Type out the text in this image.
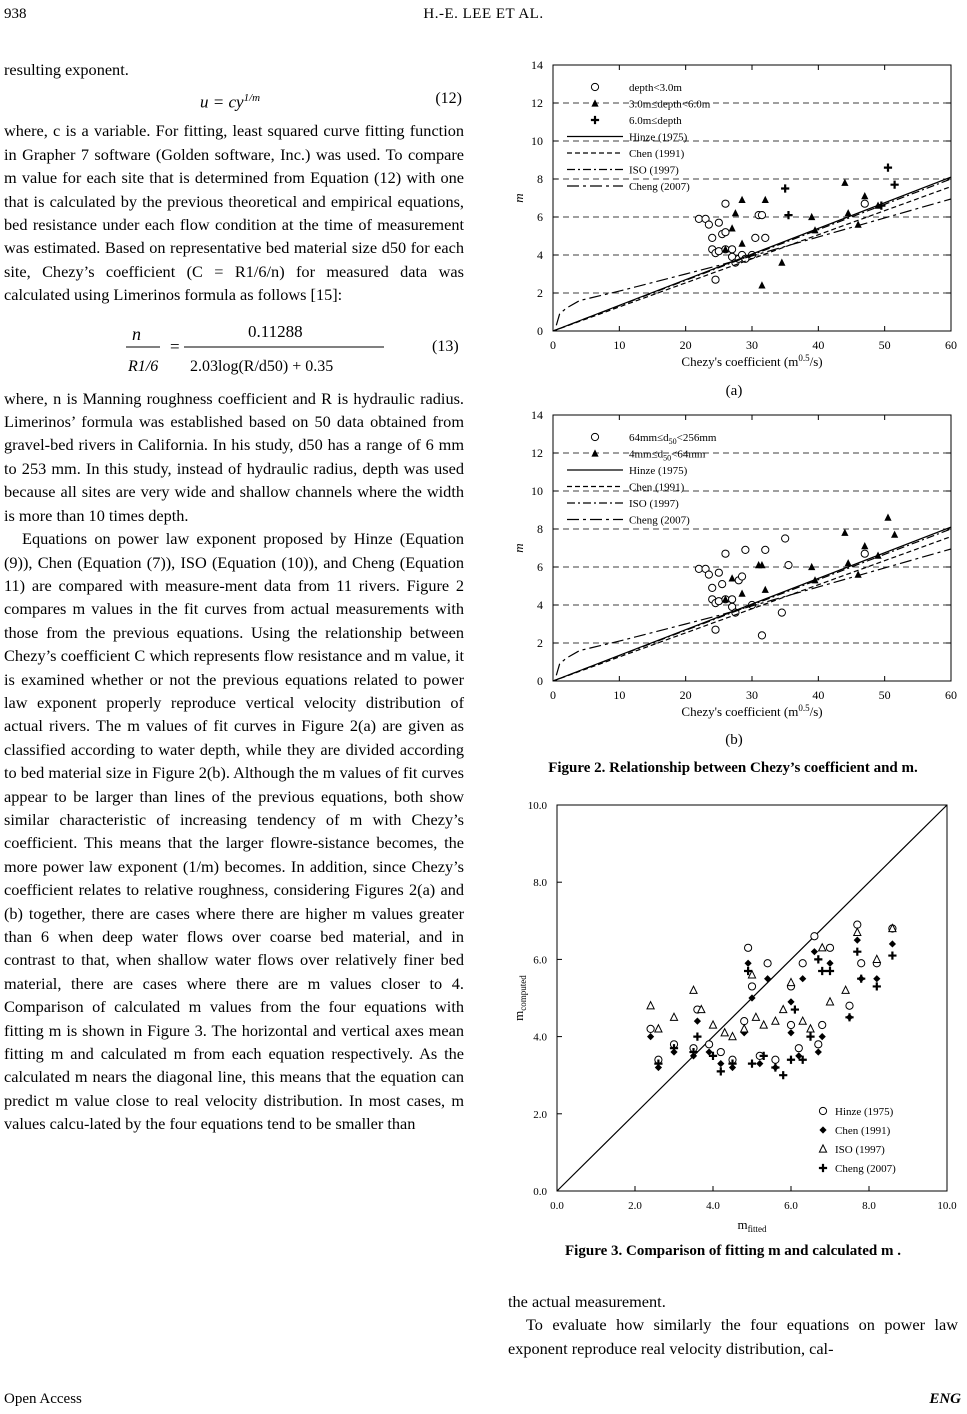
938	H.-E. LEE ET AL.

resulting exponent.

$u = cy^{1/m}$	(12)

where, c is a variable. For fitting, least squared curve fitting function in Grapher 7 software (Golden software, Inc.) was used. To compare m value for each site that is determined from Equation (12) with one that is calculated by the previous theoretical and empirical equations, bed resistance under each flow condition at the time of measurement was estimated. Based on representative bed material size d50 for each site, Chezy’s coefficient (C = R1/6/n) for measured data was calculated using Limerinos formula as follows [15]:

n
R1/6
=
0.11288
2.03log(R/d50) + 0.35
(13)

where, n is Manning roughness coefficient and R is hydraulic radius. Limerinos’ formula was established based on 50 data obtained from gravel-bed rivers in California. In his study, d50 has a range of 6 mm to 253 mm. In this study, instead of hydraulic radius, depth was used because all sites are very wide and shallow channels where the width is more than 10 times depth.

Equations on power law exponent proposed by Hinze (Equation (9)), Chen (Equation (7)), ISO (Equation (10)), and Cheng (Equation 11) are compared with measure-ment data from 11 rivers. Figure 2 compares m values in the fit curves from actual measurements with those from the previous equations. Using the relationship between Chezy’s coefficient C which represents flow resistance and m value, it is examined whether or not the previous equations related to power law exponent properly reproduce vertical velocity distribution of actual rivers. The m values of fit curves in Figure 2(a) are given as classified according to water depth, while they are divided according to bed material size in Figure 2(b). Although the m values of fit curves appear to be larger than lines of the previous equations, both show similar characteristic of increasing tendency of m with Chezy’s coefficient. This means that the larger flowre-sistance becomes, the more power law exponent (1/m) becomes. In addition, since Chezy’s coefficient relates to relative roughness, considering Figures 2(a) and (b) together, there are cases where there are higher m values greater than 6 when deep water flows over coarse bed material, and in contrast to that, when shallow water flows over relatively finer bed material, there are cases where there are m values closer to 4. Comparison of calculated m values from the four equations with fitting m is shown in Figure 3. The horizontal and vertical axes mean fitting m and calculated m from each equation respectively. As the calculated m nears the diagonal line, this means that the equation can predict m value close to real velocity distribution. In most cases, m values calcu-lated by the four equations tend to be smaller than

0	10	20	30	40	50	60
0
2
4
6
8
10
12
14
Chezy's coefficient $(m^{0.5}/s)$
m
depth<3.0m
3.0m≤depth<6.0m
6.0m≤depth
Hinze (1975)
Chen (1991)
ISO (1997)
Cheng (2007)
(a)
0	10	20	30	40	50	60
0
2
4
6
8
10
12
14
Chezy's coefficient $(m^{0.5}/s)$
m
$64mm\le d_{50}<256mm$
$4mm\le d_{50}<64mm$
Hinze (1975)
Chen (1991)
ISO (1997)
Cheng (2007)
(b)
Figure 2. Relationship between Chezy’s coefficient and m.
0.0	2.0	4.0	6.0	8.0	10.0
0.0
2.0
4.0
6.0
8.0
10.0
$m_{fitted}$
$m_{computed}$
Hinze (1975)
Chen (1991)
ISO (1997)
Cheng (2007)
Figure 3. Comparison of fitting m and calculated m .

the actual measurement.

To evaluate how similarly the four equations on power law exponent reproduce real velocity distribution, cal-

Open Access	ENG
